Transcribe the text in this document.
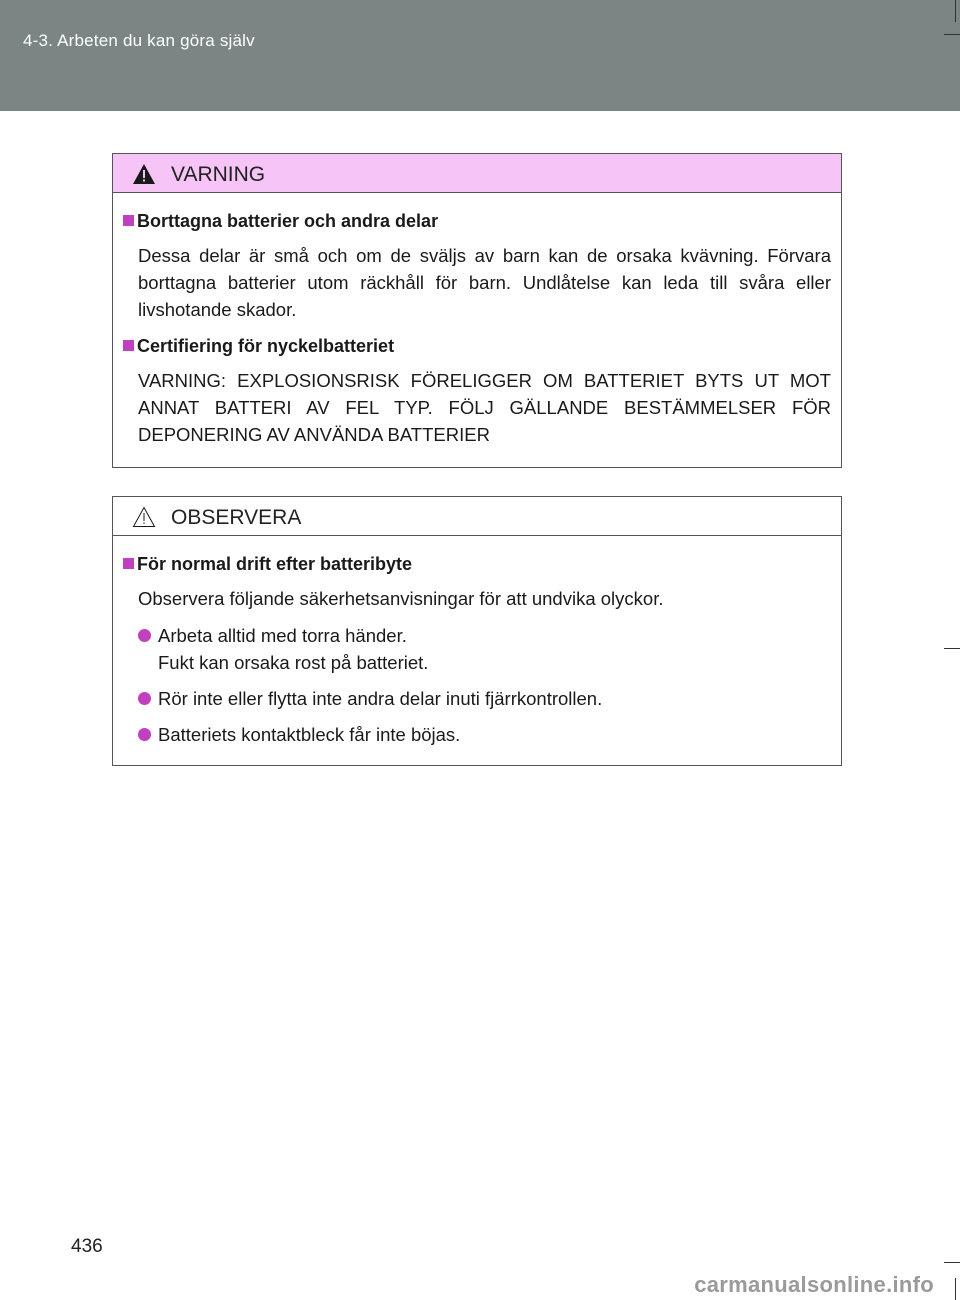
4-3. Arbeten du kan göra själv
VARNING
Borttagna batterier och andra delar

Dessa delar är små och om de sväljs av barn kan de orsaka kvävning. Förvara borttagna batterier utom räckhåll för barn. Undlåtelse kan leda till svåra eller livshotande skador.

Certifiering för nyckelbatteriet

VARNING: EXPLOSIONSRISK FÖRELIGGER OM BATTERIET BYTS UT MOT ANNAT BATTERI AV FEL TYP. FÖLJ GÄLLANDE BESTÄMMELSER FÖR DEPONERING AV ANVÄNDA BATTERIER

OBSERVERA
För normal drift efter batteribyte

Observera följande säkerhetsanvisningar för att undvika olyckor.

Arbeta alltid med torra händer.
Fukt kan orsaka rost på batteriet.
Rör inte eller flytta inte andra delar inuti fjärrkontrollen.
Batteriets kontaktbleck får inte böjas.
436
carmanualsonline.info
